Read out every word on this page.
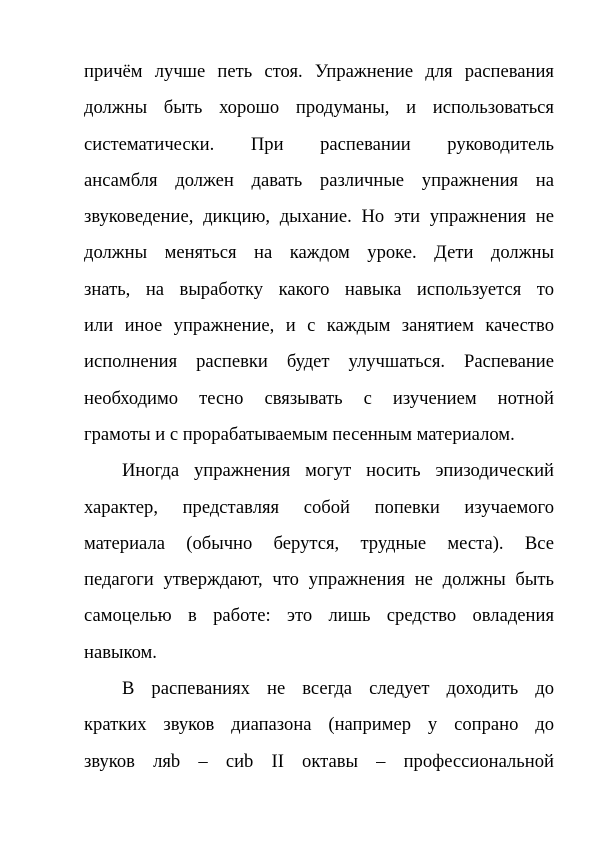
причём лучше петь стоя. Упражнение для распевания
должны быть хорошо продуманы, и использоваться
систематически. При распевании руководитель
ансамбля должен давать различные упражнения на
звуковедение, дикцию, дыхание. Но эти упражнения не
должны меняться на каждом уроке. Дети должны
знать, на выработку какого навыка используется то
или иное упражнение, и с каждым занятием качество
исполнения распевки будет улучшаться. Распевание
необходимо тесно связывать с изучением нотной
грамоты и с прорабатываемым песенным материалом.
Иногда упражнения могут носить эпизодический
характер, представляя собой попевки изучаемого
материала (обычно берутся, трудные места). Все
педагоги утверждают, что упражнения не должны быть
самоцелью в работе: это лишь средство овладения
навыком.
В распеваниях не всегда следует доходить до
кратких звуков диапазона (например у сопрано до
звуков ляb – сиb II октавы – профессиональной
